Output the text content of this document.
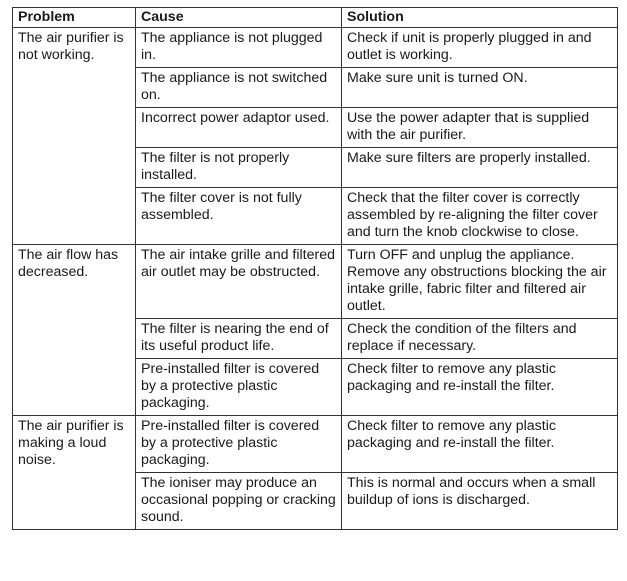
Problem	Cause	Solution
The air purifier is not working.	The appliance is not plugged in.	Check if unit is properly plugged in and outlet is working.
	The appliance is not switched on.	Make sure unit is turned ON.
	Incorrect power adaptor used.	Use the power adapter that is supplied with the air purifier.
	The filter is not properly installed.	Make sure filters are properly installed.
	The filter cover is not fully assembled.	Check that the filter cover is correctly assembled by re-aligning the filter cover and turn the knob clockwise to close.
The air flow has decreased.	The air intake grille and filtered air outlet may be obstructed.	Turn OFF and unplug the appliance. Remove any obstructions blocking the air intake grille, fabric filter and filtered air outlet.
	The filter is nearing the end of its useful product life.	Check the condition of the filters and replace if necessary.
	Pre-installed filter is covered by a protective plastic packaging.	Check filter to remove any plastic packaging and re-install the filter.
The air purifier is making a loud noise.	Pre-installed filter is covered by a protective plastic packaging.	Check filter to remove any plastic packaging and re-install the filter.
	The ioniser may produce an occasional popping or cracking sound.	This is normal and occurs when a small buildup of ions is discharged.
